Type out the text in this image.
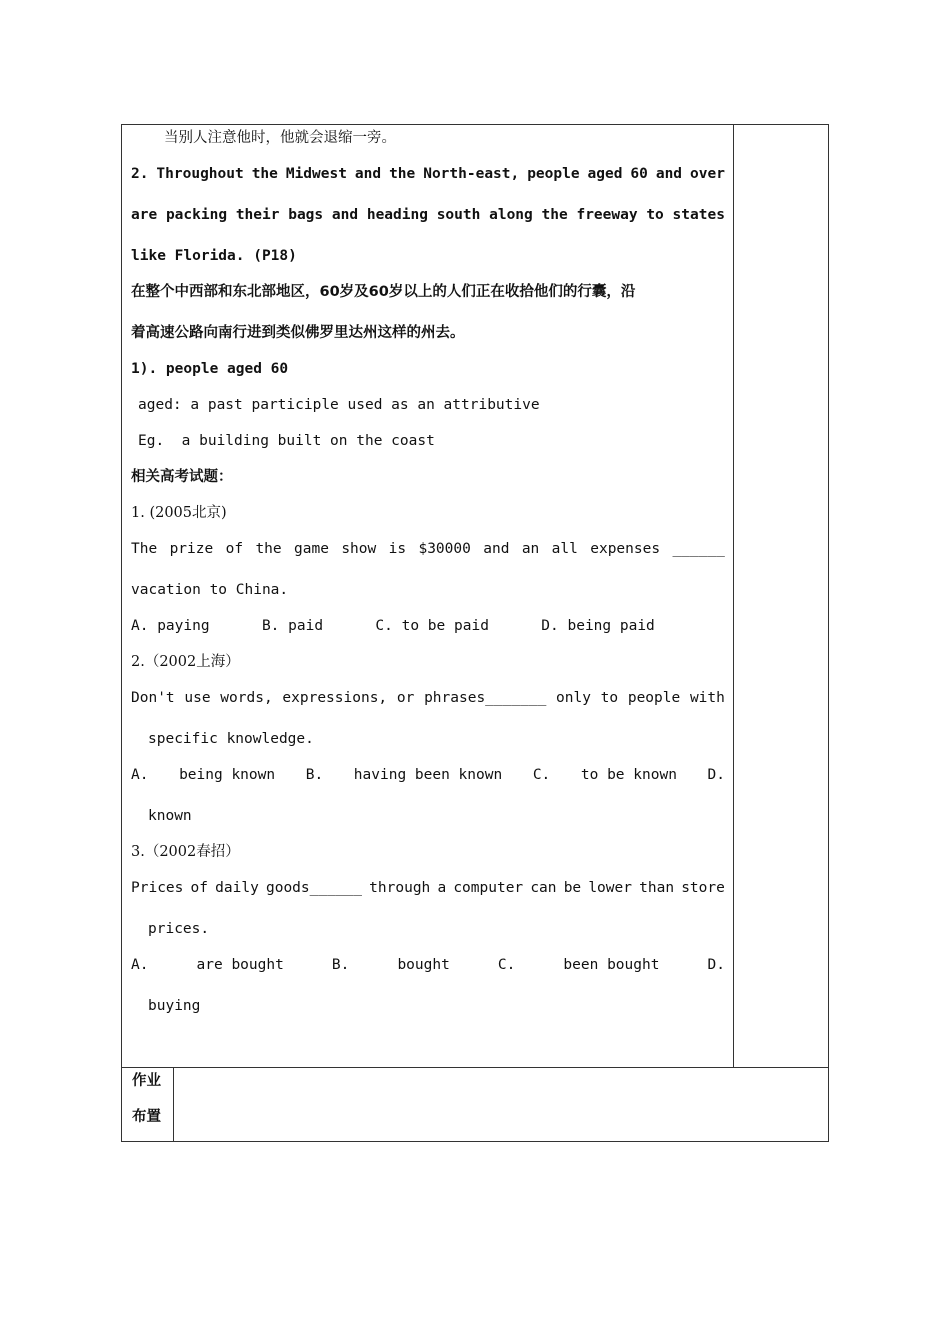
当别人注意他时，他就会退缩一旁。
2. Throughout the Midwest and the North-east, people aged 60 and over
are packing their bags and heading south along the freeway to states
like Florida. (P18)
在整个中西部和东北部地区，60岁及60岁以上的人们正在收拾他们的行囊，沿
着高速公路向南行进到类似佛罗里达州这样的州去。
1). people aged 60
aged: a past participle used as an attributive
Eg.  a building built on the coast
相关高考试题：
1. (2005北京)
The prize of the game show is $30000 and an all expenses ______
vacation to China.
A. paying      B. paid      C. to be paid      D. being paid
2.（2002上海）
Don't use words, expressions, or phrases_______ only to people with
specific knowledge.
A. being known B. having been known C. to be known D.
known
3.（2002春招）
Prices of daily goods______ through a computer can be lower than store
prices.
A.	are bought	B.	bought	C.	been bought	D.
buying
作业
布置
